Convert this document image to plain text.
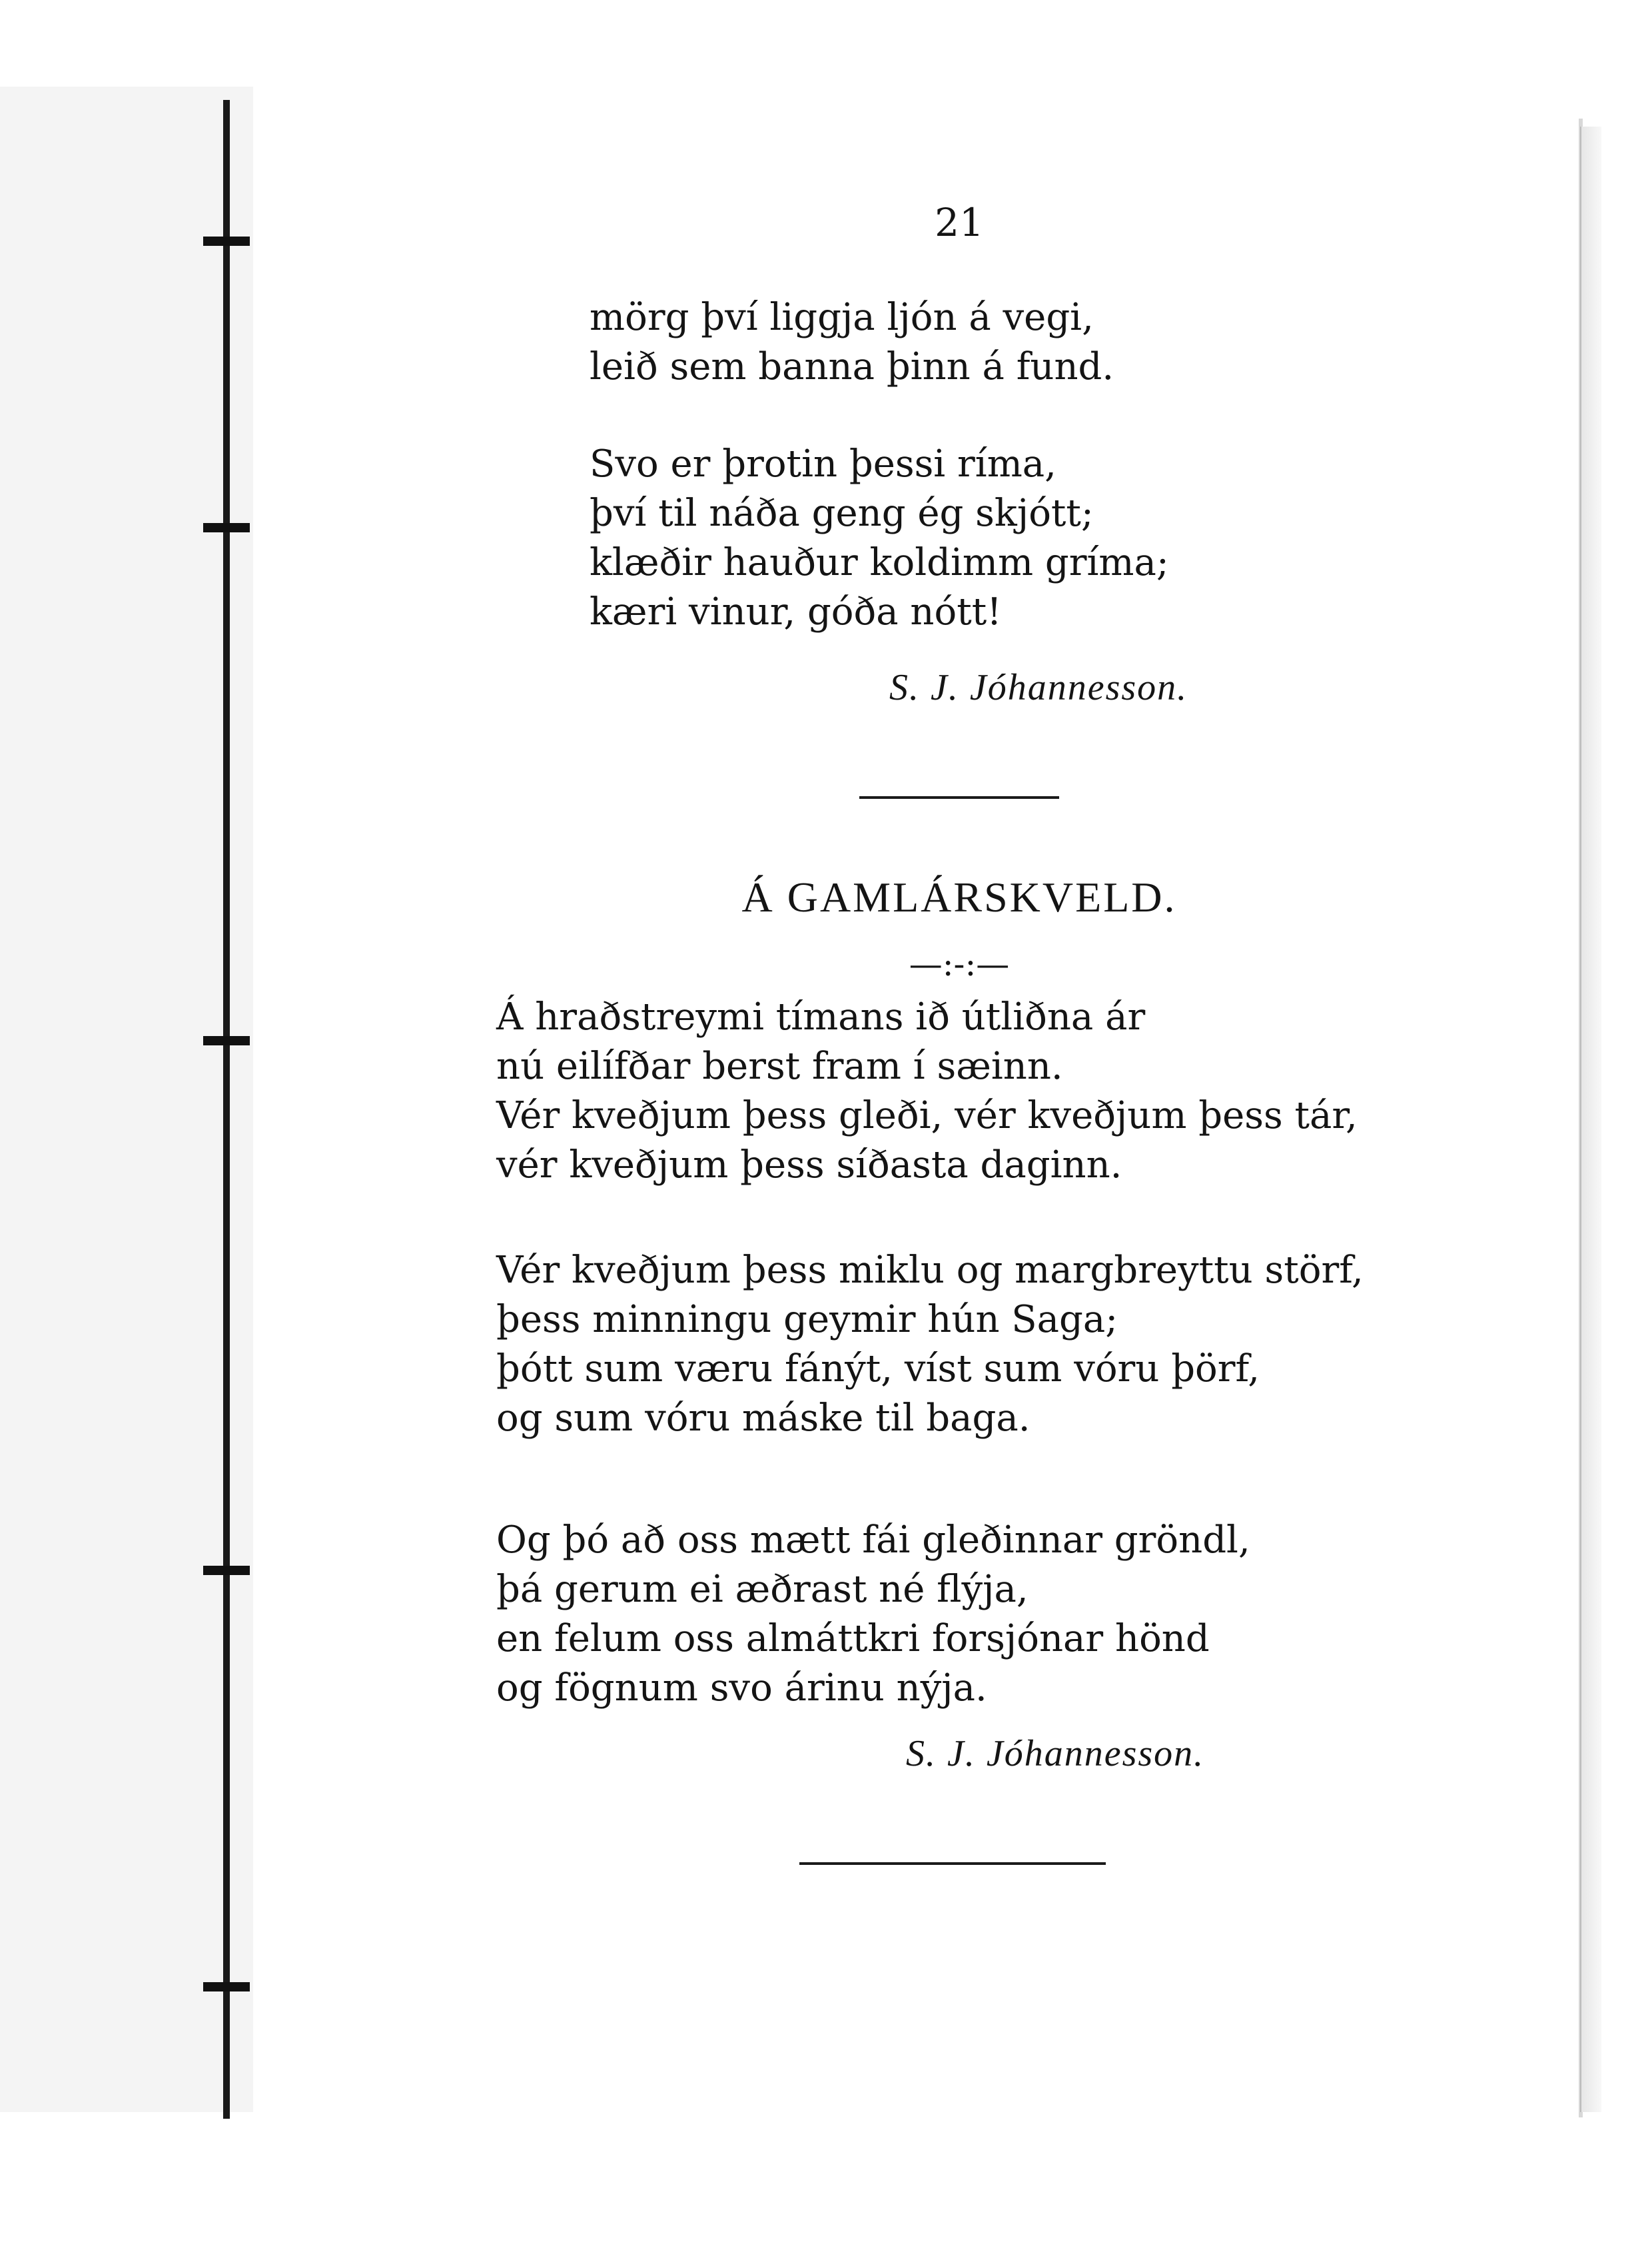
21
mörg því liggja ljón á vegi,
leið sem banna þinn á fund.
Svo er þrotin þessi ríma,
því til náða geng ég skjótt;
klæðir hauður koldimm gríma;
kæri vinur, góða nótt!
S. J. Jóhannesson.
Á GAMLÁRSKVELD.
—:-:—
Á hraðstreymi tímans ið útliðna ár
nú eilífðar berst fram í sæinn.
Vér kveðjum þess gleði, vér kveðjum þess tár,
vér kveðjum þess síðasta daginn.
Vér kveðjum þess miklu og margbreyttu störf,
þess minningu geymir hún Saga;
þótt sum væru fánýt, víst sum vóru þörf,
og sum vóru máske til baga.
Og þó að oss mætt fái gleðinnar gröndl,
þá gerum ei æðrast né flýja,
en felum oss almáttkri forsjónar hönd
og fögnum svo árinu nýja.
S. J. Jóhannesson.
